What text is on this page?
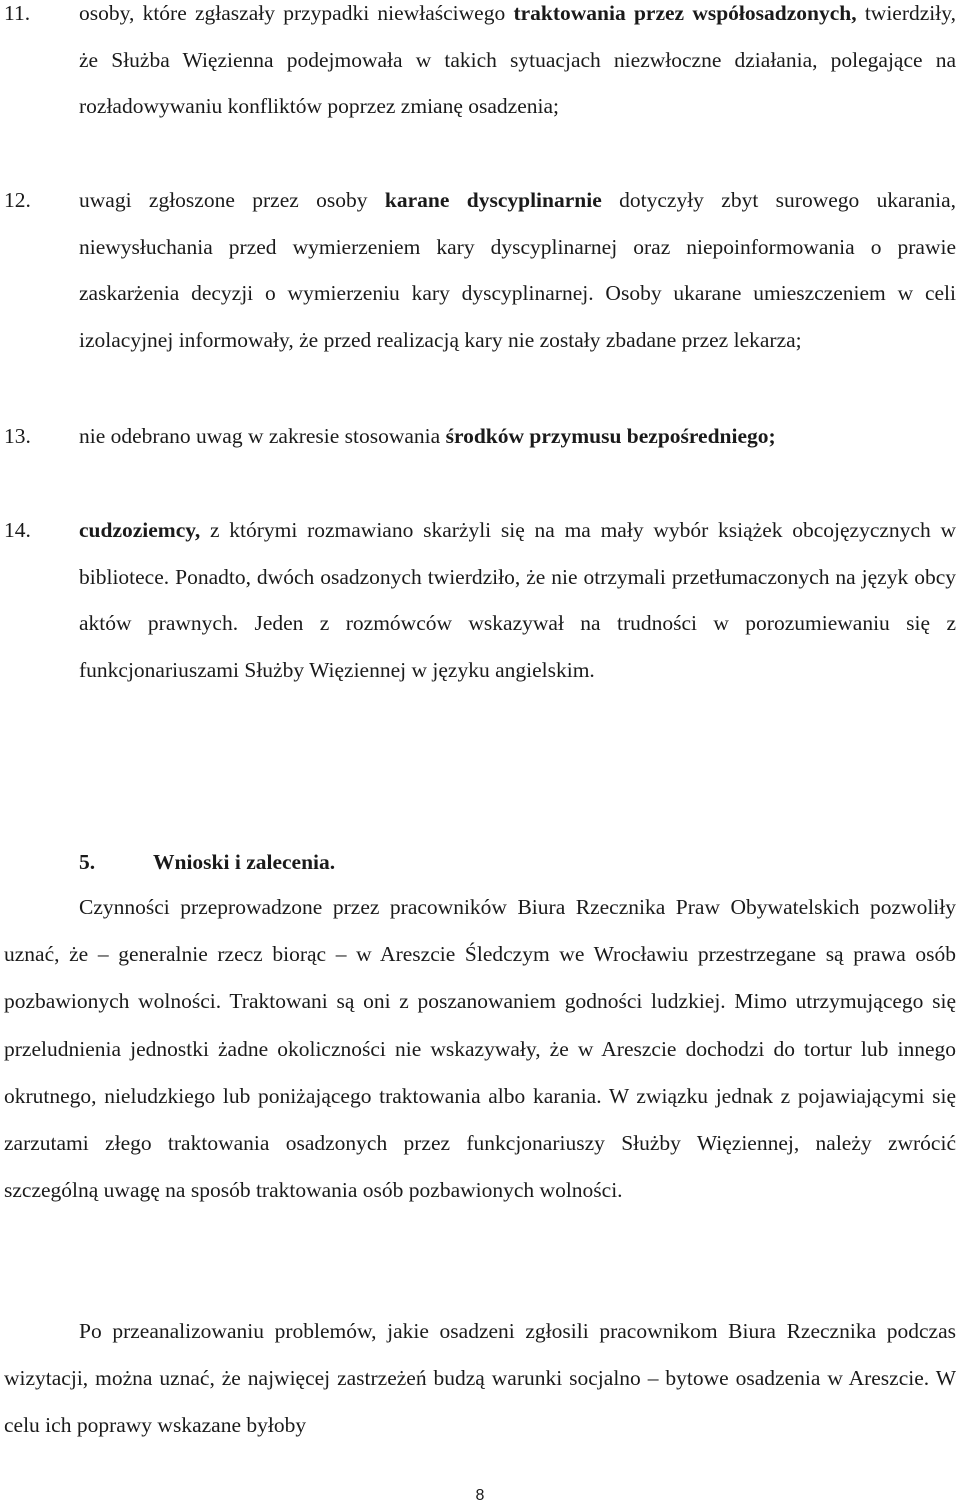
11. osoby, które zgłaszały przypadki niewłaściwego traktowania przez współosadzonych, twierdziły, że Służba Więzienna podejmowała w takich sytuacjach niezwłoczne działania, polegające na rozładowywaniu konfliktów poprzez zmianę osadzenia;
12. uwagi zgłoszone przez osoby karane dyscyplinarnie dotyczyły zbyt surowego ukarania, niewysłuchania przed wymierzeniem kary dyscyplinarnej oraz niepoinformowania o prawie zaskarżenia decyzji o wymierzeniu kary dyscyplinarnej. Osoby ukarane umieszczeniem w celi izolacyjnej informowały, że przed realizacją kary nie zostały zbadane przez lekarza;
13. nie odebrano uwag w zakresie stosowania środków przymusu bezpośredniego;
14. cudzoziemcy, z którymi rozmawiano skarżyli się na ma mały wybór książek obcojęzycznych w bibliotece. Ponadto, dwóch osadzonych twierdziło, że nie otrzymali przetłumaczonych na język obcy aktów prawnych. Jeden z rozmówców wskazywał na trudności w porozumiewaniu się z funkcjonariuszami Służby Więziennej w języku angielskim.
5.	Wnioski i zalecenia.

Czynności przeprowadzone przez pracowników Biura Rzecznika Praw Obywatelskich pozwoliły uznać, że – generalnie rzecz biorąc – w Areszcie Śledczym we Wrocławiu przestrzegane są prawa osób pozbawionych wolności. Traktowani są oni z poszanowaniem godności ludzkiej. Mimo utrzymującego się przeludnienia jednostki żadne okoliczności nie wskazywały, że w Areszcie dochodzi do tortur lub innego okrutnego, nieludzkiego lub poniżającego traktowania albo karania. W związku jednak z pojawiającymi się zarzutami złego traktowania osadzonych przez funkcjonariuszy Służby Więziennej, należy zwrócić szczególną uwagę na sposób traktowania osób pozbawionych wolności.

Po przeanalizowaniu problemów, jakie osadzeni zgłosili pracownikom Biura Rzecznika podczas wizytacji, można uznać, że najwięcej zastrzeżeń budzą warunki socjalno – bytowe osadzenia w Areszcie. W celu ich poprawy wskazane byłoby

8
